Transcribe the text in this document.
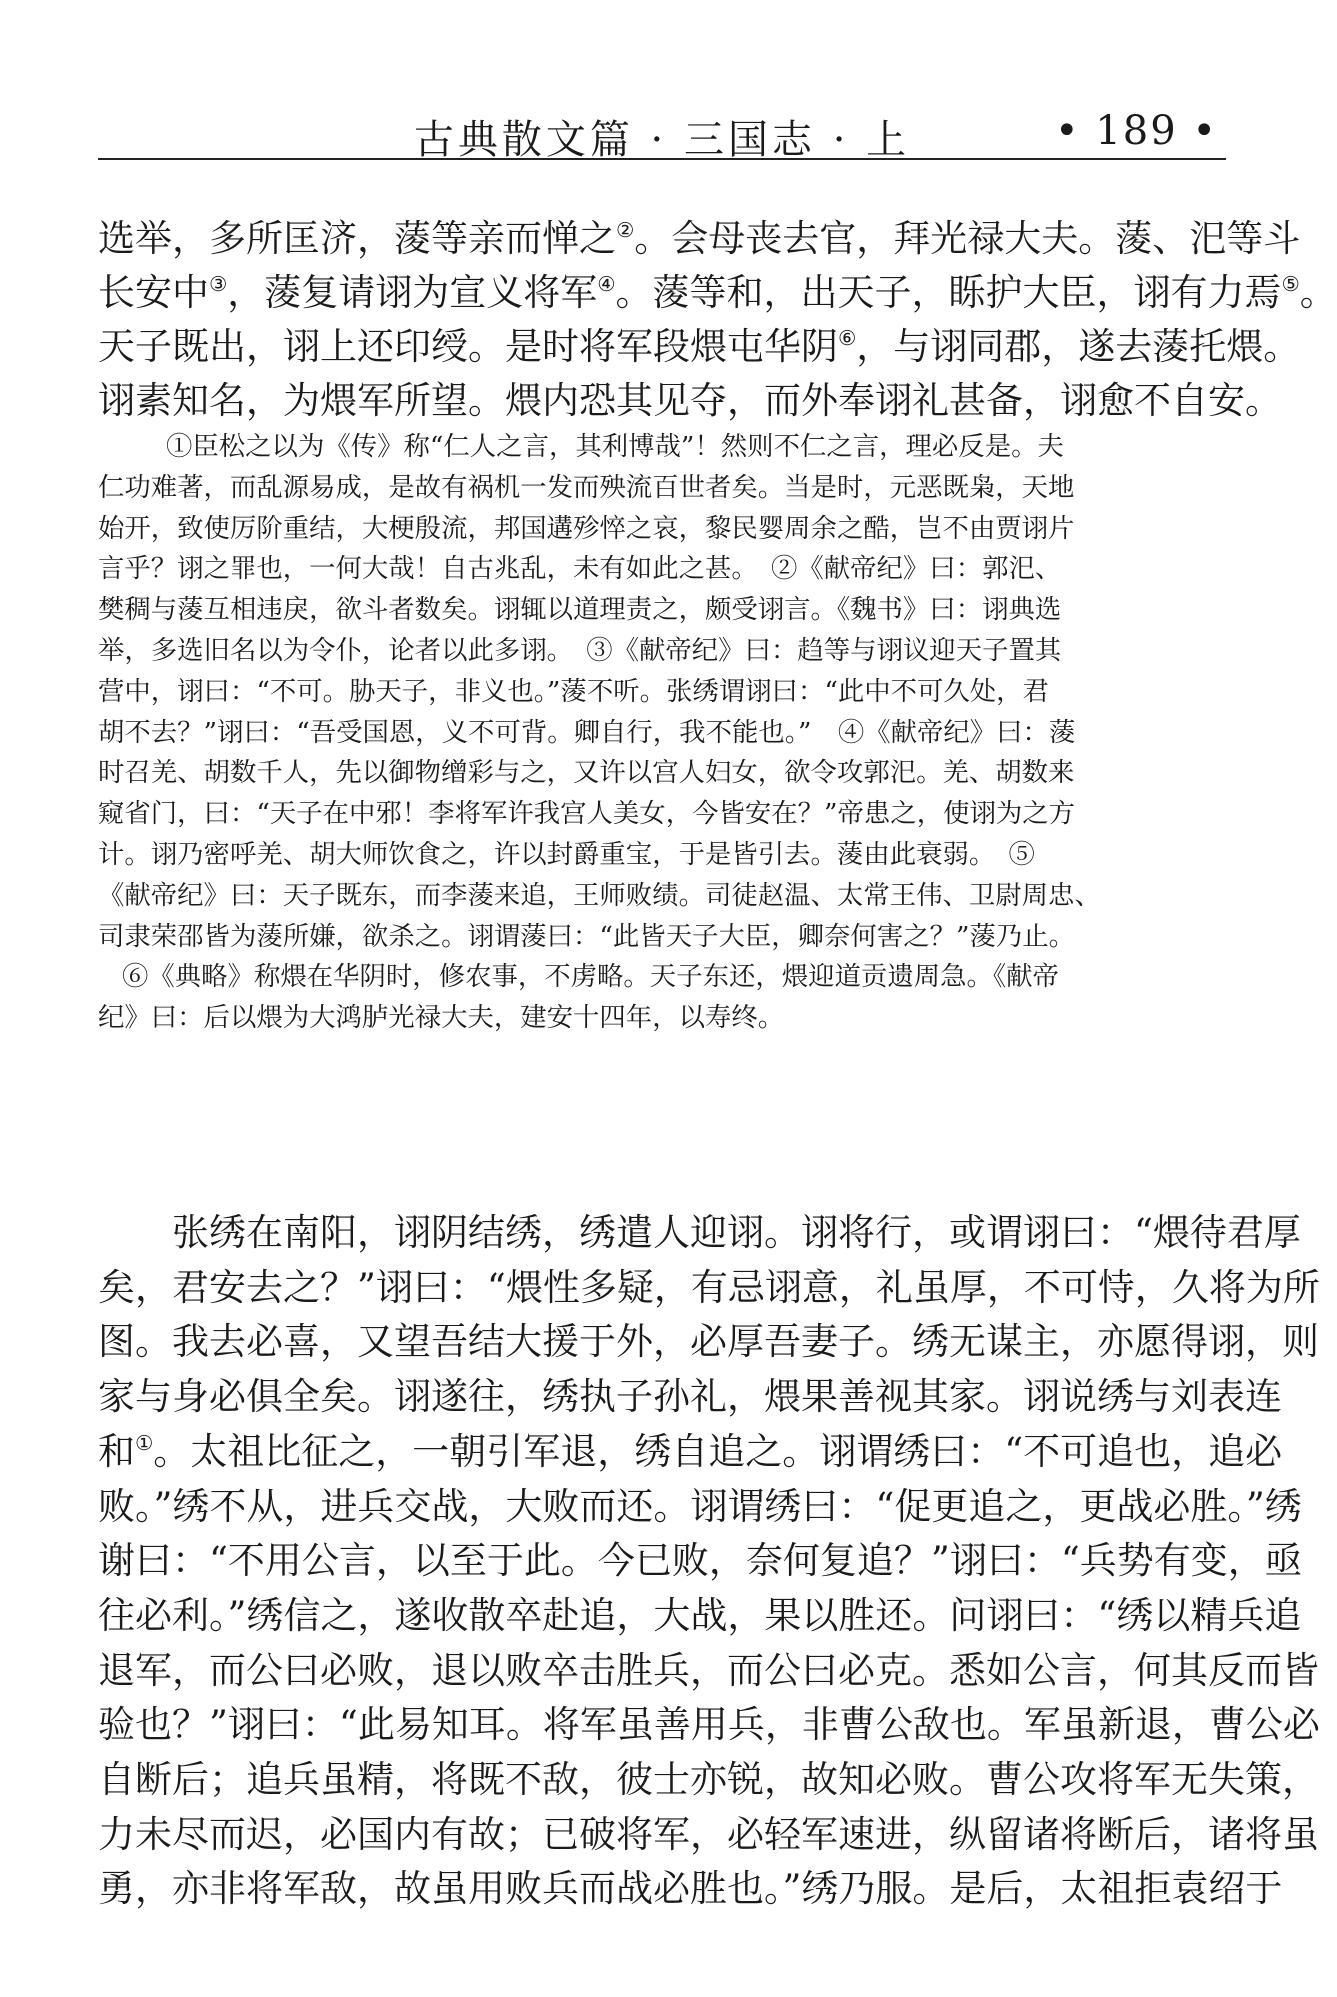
古典散文篇 · 三国志 · 上	• 189 •
选举，多所匡济，蔆等亲而惮之②。会母丧去官，拜光禄大夫。蔆、汜等斗
长安中③，蔆复请诩为宣义将军④。蔆等和，出天子，䀥护大臣，诩有力焉⑤。
天子既出，诩上还印绶。是时将军段煨屯华阴⑥，与诩同郡，遂去蔆托煨。
诩素知名，为煨军所望。煨内恐其见夺，而外奉诩礼甚备，诩愈不自安。
①臣松之以为《传》称“仁人之言，其利博哉”！然则不仁之言，理必反是。夫
仁功难著，而乱源易成，是故有祸机一发而殃流百世者矣。当是时，元恶既枭，天地
始开，致使厉阶重结，大梗殷流，邦国遘殄悴之哀，黎民婴周余之酷，岂不由贾诩片
言乎？诩之罪也，一何大哉！自古兆乱，未有如此之甚。　②《献帝纪》曰：郭汜、
樊稠与蔆互相违戾，欲斗者数矣。诩辄以道理责之，颇受诩言。《魏书》曰：诩典选
举，多选旧名以为令仆，论者以此多诩。　③《献帝纪》曰：趋等与诩议迎天子置其
营中，诩曰：“不可。胁天子，非义也。”蔆不听。张绣谓诩曰：“此中不可久处，君
胡不去？”诩曰：“吾受国恩，义不可背。卿自行，我不能也。”　④《献帝纪》曰：蔆
时召羌、胡数千人，先以御物缯彩与之，又许以宫人妇女，欲令攻郭汜。羌、胡数来
窥省门，曰：“天子在中邪！李将军许我宫人美女，今皆安在？”帝患之，使诩为之方
计。诩乃密呼羌、胡大师饮食之，许以封爵重宝，于是皆引去。蔆由此衰弱。　⑤
《献帝纪》曰：天子既东，而李蔆来追，王师败绩。司徒赵温、太常王伟、卫尉周忠、
司隶荣邵皆为蔆所嫌，欲杀之。诩谓蔆曰：“此皆天子大臣，卿奈何害之？”蔆乃止。
⑥《典略》称煨在华阴时，修农事，不虏略。天子东还，煨迎道贡遗周急。《献帝
纪》曰：后以煨为大鸿胪光禄大夫，建安十四年，以寿终。
张绣在南阳，诩阴结绣，绣遣人迎诩。诩将行，或谓诩曰：“煨待君厚
矣，君安去之？”诩曰：“煨性多疑，有忌诩意，礼虽厚，不可恃，久将为所
图。我去必喜，又望吾结大援于外，必厚吾妻子。绣无谋主，亦愿得诩，则
家与身必俱全矣。诩遂往，绣执子孙礼，煨果善视其家。诩说绣与刘表连
和①。太祖比征之，一朝引军退，绣自追之。诩谓绣曰：“不可追也，追必
败。”绣不从，进兵交战，大败而还。诩谓绣曰：“促更追之，更战必胜。”绣
谢曰：“不用公言，以至于此。今已败，奈何复追？”诩曰：“兵势有变，亟
往必利。”绣信之，遂收散卒赴追，大战，果以胜还。问诩曰：“绣以精兵追
退军，而公曰必败，退以败卒击胜兵，而公曰必克。悉如公言，何其反而皆
验也？”诩曰：“此易知耳。将军虽善用兵，非曹公敌也。军虽新退，曹公必
自断后；追兵虽精，将既不敌，彼士亦锐，故知必败。曹公攻将军无失策，
力未尽而迟，必国内有故；已破将军，必轻军速进，纵留诸将断后，诸将虽
勇，亦非将军敌，故虽用败兵而战必胜也。”绣乃服。是后，太祖拒袁绍于
